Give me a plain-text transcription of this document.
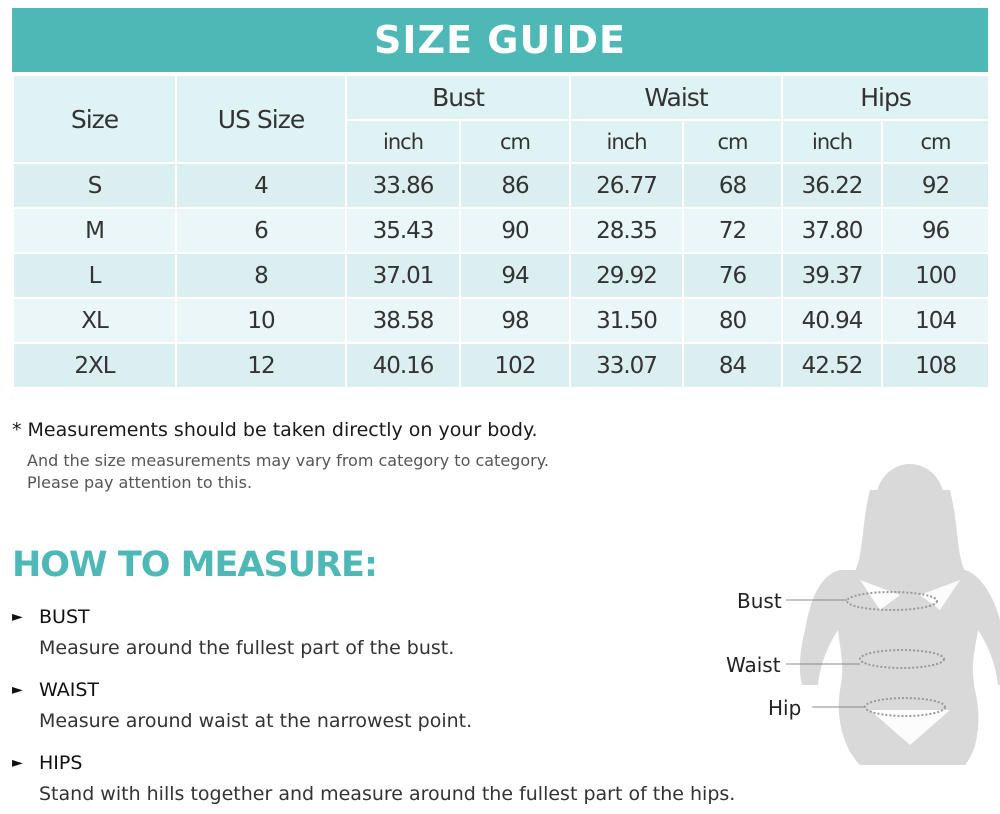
SIZE GUIDE
Size	US Size	Bust		Waist		Hips	
		inch	cm	inch	cm	inch	cm
S	4	33.86	86	26.77	68	36.22	92
M	6	35.43	90	28.35	72	37.80	96
L	8	37.01	94	29.92	76	39.37	100
XL	10	38.58	98	31.50	80	40.94	104
2XL	12	40.16	102	33.07	84	42.52	108
* Measurements should be taken directly on your body.
And the size measurements may vary from category to category.
Please pay attention to this.
HOW TO MEASURE:
► BUST
Measure around the fullest part of the bust.
► WAIST
Measure around waist at the narrowest point.
► HIPS
Stand with hills together and measure around the fullest part of the hips.
Bust
Waist
Hip
